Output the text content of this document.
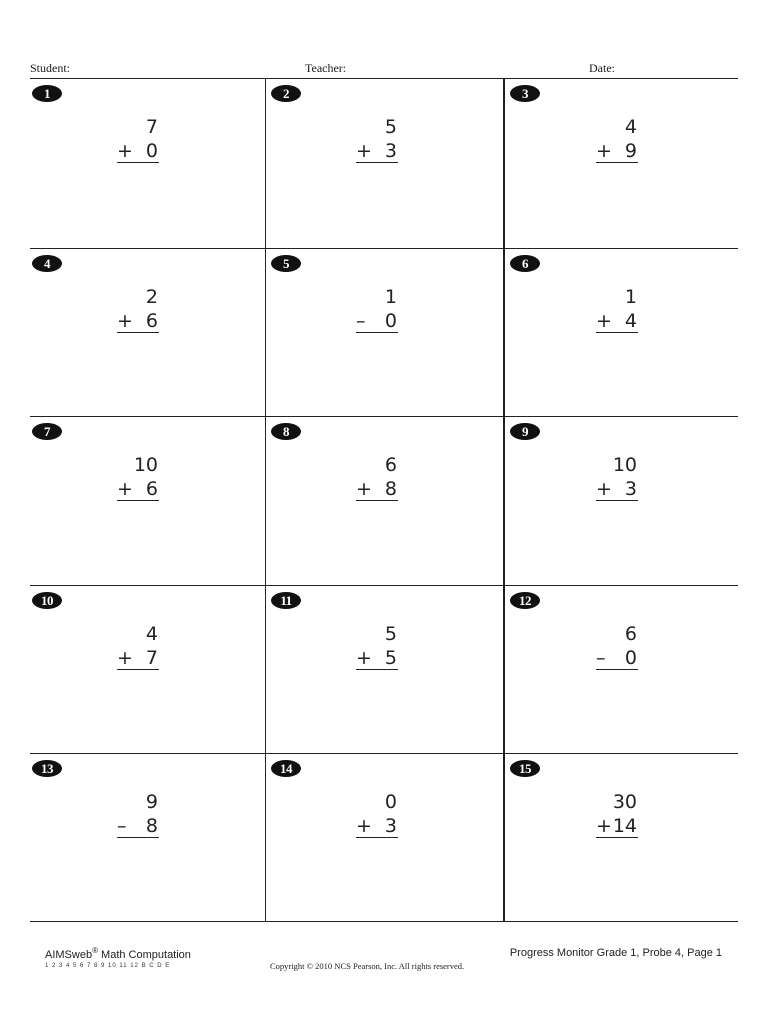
Student:	Teacher:	Date:
1
7
+ 0
2
5
+ 3
3
4
+ 9
4
2
+ 6
5
1
– 0
6
1
+ 4
7
10
+ 6
8
6
+ 8
9
10
+ 3
10
4
+ 7
11
5
+ 5
12
6
– 0
13
9
– 8
14
0
+ 3
15
30
+ 14
AIMSweb® Math Computation
1 2 3 4 5 6 7 8 9 10 11 12 B C D E	Copyright © 2010 NCS Pearson, Inc. All rights reserved.
Progress Monitor Grade 1, Probe 4, Page 1
